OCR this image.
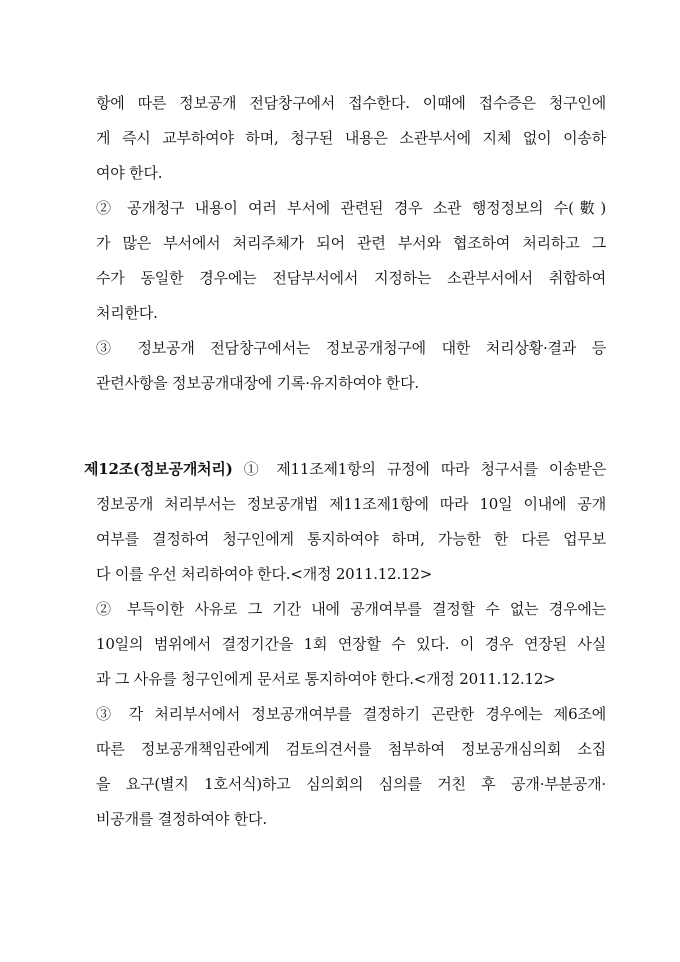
항에 따른 정보공개 전담창구에서 접수한다. 이때에 접수증은 청구인에
게 즉시 교부하여야 하며, 청구된 내용은 소관부서에 지체 없이 이송하
여야 한다.
② 공개청구 내용이 여러 부서에 관련된 경우 소관 행정정보의 수(數)
가 많은 부서에서 처리주체가 되어 관련 부서와 협조하여 처리하고 그
수가 동일한 경우에는 전담부서에서 지정하는 소관부서에서 취합하여
처리한다.
③ 정보공개 전담창구에서는 정보공개청구에 대한 처리상황·결과 등
관련사항을 정보공개대장에 기록·유지하여야 한다.
제12조(정보공개처리) ① 제11조제1항의 규정에 따라 청구서를 이송받은
정보공개 처리부서는 정보공개법 제11조제1항에 따라 10일 이내에 공개
여부를 결정하여 청구인에게 통지하여야 하며, 가능한 한 다른 업무보
다 이를 우선 처리하여야 한다.<개정 2011.12.12>
② 부득이한 사유로 그 기간 내에 공개여부를 결정할 수 없는 경우에는
10일의 범위에서 결정기간을 1회 연장할 수 있다. 이 경우 연장된 사실
과 그 사유를 청구인에게 문서로 통지하여야 한다.<개정 2011.12.12>
③ 각 처리부서에서 정보공개여부를 결정하기 곤란한 경우에는 제6조에
따른 정보공개책임관에게 검토의견서를 첨부하여 정보공개심의회 소집
을 요구(별지 1호서식)하고 심의회의 심의를 거친 후 공개·부분공개·
비공개를 결정하여야 한다.
